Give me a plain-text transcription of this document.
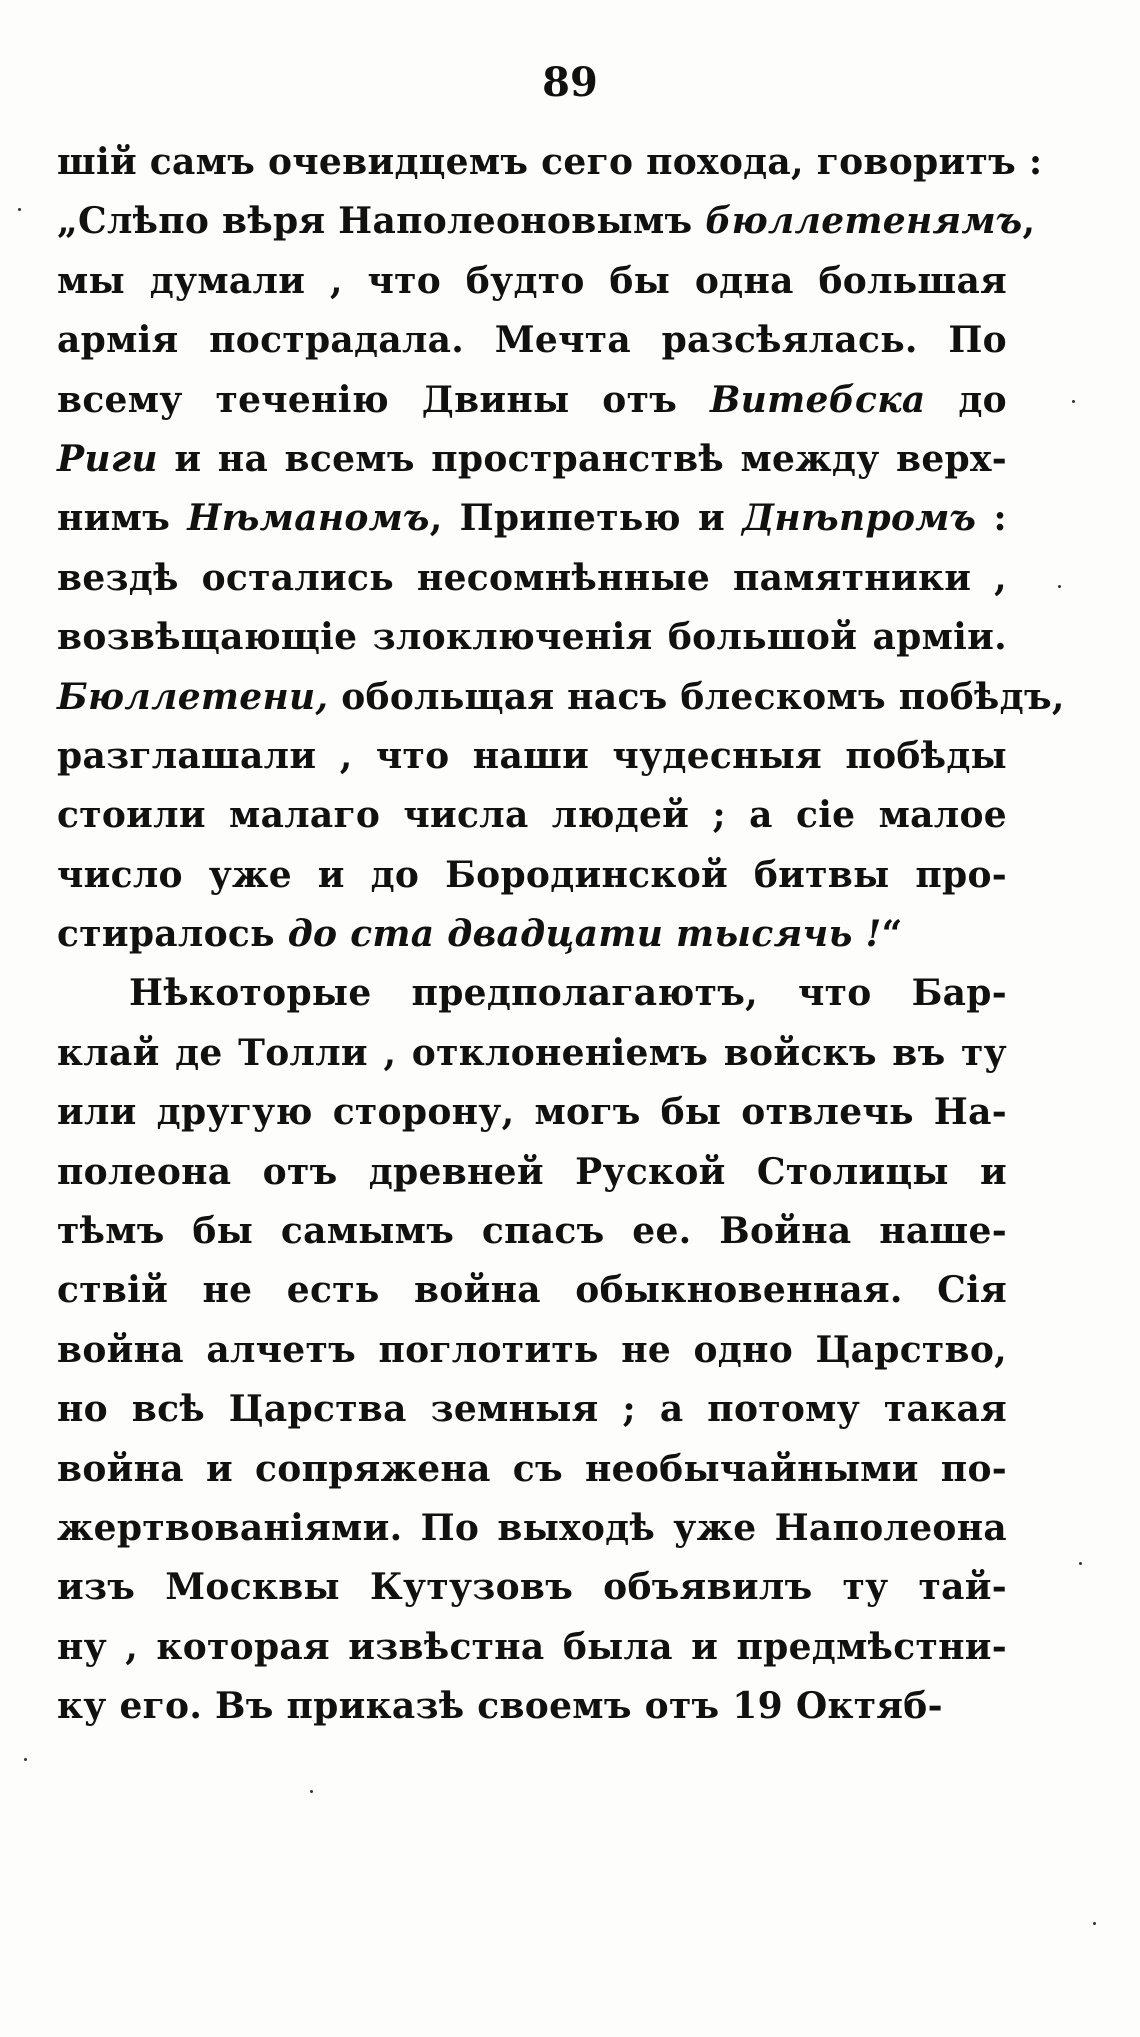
89
шій самъ очевидцемъ сего похода, говоритъ :
„Слѣпо вѣря Наполеоновымъ бюллетенямъ,
мы думали , что будто бы одна большая
армія пострадала. Мечта разсѣялась. По
всему теченію Двины отъ Витебска до
Риги и на всемъ пространствѣ между верх-
нимъ Нѣманомъ, Припетью и Днѣпромъ :
вездѣ остались несомнѣнные памятники ,
возвѣщающіе злоключенія большой арміи.
Бюллетени, обольщая насъ блескомъ побѣдъ,
разглашали , что наши чудесныя побѣды
стоили малаго числа людей ; а сіе малое
число уже и до Бородинской битвы про-
стиралось до ста двадцати тысячь !“
Нѣкоторые предполагаютъ, что Бар-
клай де Толли , отклоненіемъ войскъ въ ту
или другую сторону, могъ бы отвлечь На-
полеона отъ древней Руской Столицы и
тѣмъ бы самымъ спасъ ее. Война наше-
ствій не есть война обыкновенная. Сія
война алчетъ поглотить не одно Царство,
но всѣ Царства земныя ; а потому такая
война и сопряжена съ необычайными по-
жертвованіями. По выходѣ уже Наполеона
изъ Москвы Кутузовъ объявилъ ту тай-
ну , которая извѣстна была и предмѣстни-
ку его. Въ приказѣ своемъ отъ 19 Октяб-
